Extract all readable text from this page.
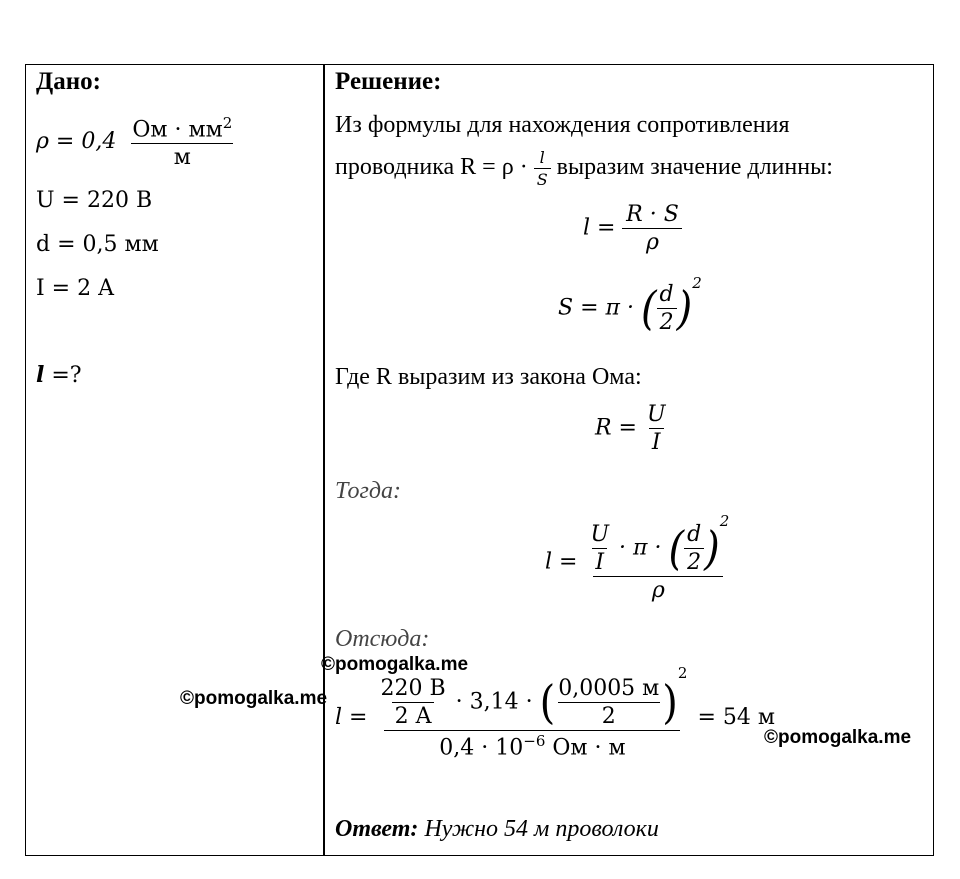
Дано:
$\rho = 0,4 \frac{Ом \cdot мм^2}{м}$
U = 220 В
d = 0,5 мм
I = 2 A
l =?
Решение:
Из формулы для нахождения сопротивления
проводника $R = \rho \cdot \frac{l}{S}$ выразим значение длинны:
$l = \frac{R \cdot S}{\rho}$
S = π · ( $\frac{d}{2} )^2$
Где R выразим из закона Ома:
$R = \frac{U}{I}$
Тогда:
$l = \frac{U}{I} \cdot \pi$ · ( $\frac{d}{2} )^2$
ρ
Отсюда:
$l = \frac{220 В}{2 A} \cdot 3,14$ · ( $\frac{0,0005 м}{2} )^2$
$0,4 \cdot 10^{-6}$ Ом · м
= 54 м
Ответ: Нужно 54 м проволоки
©pomogalka.me
©pomogalka.me
©pomogalka.me
